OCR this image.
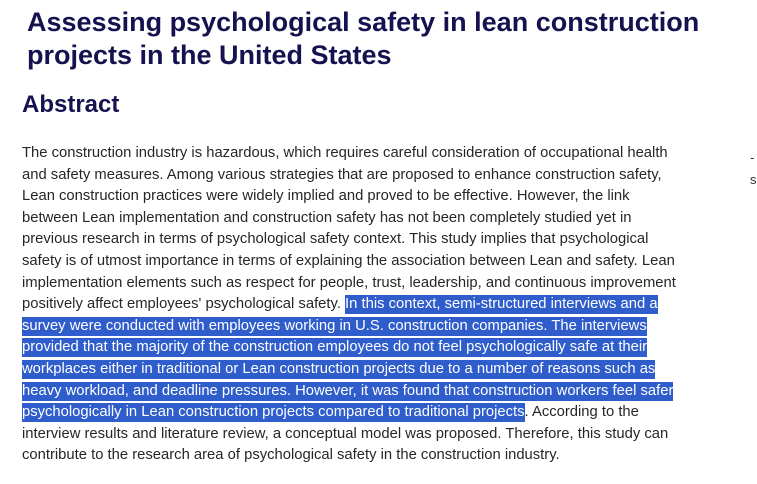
Assessing psychological safety in lean construction projects in the United States
Abstract
The construction industry is hazardous, which requires careful consideration of occupational health
and safety measures. Among various strategies that are proposed to enhance construction safety,
Lean construction practices were widely implied and proved to be effective. However, the link
between Lean implementation and construction safety has not been completely studied yet in
previous research in terms of psychological safety context. This study implies that psychological
safety is of utmost importance in terms of explaining the association between Lean and safety. Lean
implementation elements such as respect for people, trust, leadership, and continuous improvement
positively affect employees' psychological safety. In this context, semi-structured interviews and a
survey were conducted with employees working in U.S. construction companies. The interviews
provided that the majority of the construction employees do not feel psychologically safe at their
workplaces either in traditional or Lean construction projects due to a number of reasons such as
heavy workload, and deadline pressures. However, it was found that construction workers feel safer
psychologically in Lean construction projects compared to traditional projects. According to the
interview results and literature review, a conceptual model was proposed. Therefore, this study can
contribute to the research area of psychological safety in the construction industry.
-
s
